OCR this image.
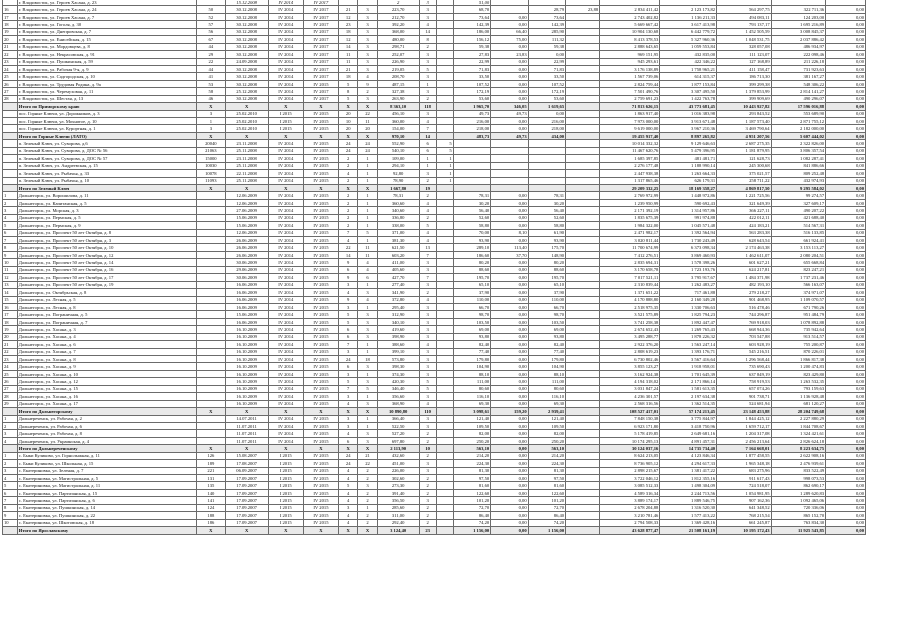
	г. Владивосток, ул. Героев Хасана, д. 23		15.12.2008	IV 2014	IV 2017			2	3		51,00								
16	г. Владивосток, ул. Героев Хасана, д. 24	50	30.12.2008	IV 2014	IV 2017	21	3	223,70	3		68,70		28,79	23,88	2 834 411,42	2 123 173,82	564 297,75	322 711,36	0,00
17	г. Владивосток, ул. Героев Хасана, д. 7	52	30.12.2008	IV 2014	IV 2017	12	3	212,70	3		73,64	0,00	73,64		2 743 402,82	1 136 211,33	494 083,11	124 203,00	0,00
18	г. Владивосток, ул. Гоголя, д. 30	57	30.12.2008	IV 2014	IV 2017	23	3	392,20	4		142,39	0,00	142,39		5 669 667,42	3 617 413,98	793 137,17	1 695 216,89	0,00
19	г. Владивосток, ул. Днепровская, д. 7	56	30.12.2008	IV 2014	IV 2017	18	3	368,00	14		186,00	66,40	285,90		10 904 130,68	6 442 779,72	1 452 505,59	3 008 845,37	0,00
20	г. Владивосток, ул. Енисейская, д. 15	67	30.12.2008	IV 2014	IV 2017	12	3	480,00	8		156,12	75,00	111,32		8 413 378,53	5 327 960,36	1 048 531,75	2 037 886,42	0,00
21	г. Владивосток, ул. Мордовцева, д. 8	44	30.12.2008	IV 2014	IV 2017	14	3	298,71	2		59,38	0,00	59,38		2 888 643,65	1 059 553,84	328 057,08	486 934,97	0,00
22	г. Владивосток, ул. Некрасовская, д. 91	29	30.12.2008	IV 2014	IV 2017	11	3	252,07	3		27,83	23,83	0,00		969 151,95	432 835,00	111 123,07	222 098,46	0,00
23	г. Владивосток, ул. Пушкинская, д. 59	22	24.09.2008	IV 2014	IV 2017	11	3	226,90	3		22,99	0,00	22,99		945 293,61	422 346,22	127 168,89	211 226,18	0,00
24	г. Владивосток, ул. Рабочая 9-я, д. 9	44	30.12.2008	IV 2014	IV 2017	21	3	219,05	5		71,83	0,00	71,83		3 176 138,89	1 758 965,21	411 158,47	731 923,63	0,00
25	г. Владивосток, ул. Садгородская, д. 10	41	30.12.2008	IV 2014	IV 2017	18	4	208,70	3		33,50	0,00	33,50		1 567 739,06	614 315,37	186 713,30	381 167,27	0,00
26	г. Владивосток, ул. Трудовая Родина, д. 9а	53	30.12.2008	IV 2014	IV 2015	5	9	487,15	1		107,52	0,00	107,52		2 824 759,44	1 877 153,84	399 299,38	548 306,22	0,00
27	г. Владивосток, ул. Черемуховая, д. 11	58	25.12.2008	IV 2014	IV 2017	8	2	327,38	3		172,19	0,00	172,19		7 501 490,76	3 307 495,50	1 379 853,99	2 814 141,27	0,00
28	г. Владивосток, ул. Шестая, д. 13	46	30.12.2008	IV 2014	IV 2017	5	3	263,90	2		53,60	0,00	53,60		2 759 691,23	1 422 763,78	399 909,69	490 296,07	0,00
	Итого по Приморскому краю	X	X	X	X	X	X	8 363,10	118		1 965,70	346,05	1 619,65		71 813 626,15	43 773 681,45	10 443 927,82	17 596 016,88	0,00
	пос. Горные Ключи, ул. Дорожников, д. 3	3	25.02.2010	I 2015	IV 2015	20	22	456,10	3		49,73	49,73	0,00		1 863 917,40	1 016 383,98	293 843,52	553 689,90	0,00
	пос. Горные Ключи, ул. Мохнатое, д. 10	1	25.02.2010	I 2015	IV 2015	10	11	360,00	4		216,00	0,00	216,00		7 973 000,00	3 913 671,48	1 187 573,40	2 871 755,12	0,00
	пос. Горные Ключи, ул. Курортная, д. 1	3	25.02.2010	I 2015	IV 2015	20	20	154,00	7		218,00	0,00	218,00		9 619 000,00	3 967 210,36	3 469 790,64	2 182 000,00	0,00
	Итого по Горные Ключи (ЛАТО)	X	X	X	X	X	X	970,10	14		483,73	49,73	434,00		19 455 917,40	8 897 265,82	4 951 207,56	5 607 444,02	0,00
	п. Зеленый Ключ, ул. Суворова, д.6	20040	23.11.2008	IV 2014	IV 2015	24	24	552,90	6	5					10 014 332,32	9 129 646,63	2 687 275,35	2 322 826,00	0,00
	п. Зеленый Ключ, ул. Суворова, д. ДОС № 56	21063	25.11.2008	IV 2014	IV 2015	24	24	540,10	6	5					11 467 620,76	5 479 396,95	1 181 879,95	3 806 357,54	0,00
	п. Зеленый Ключ, ул. Суворова, д. ДОС № 57	15000	23.11.2008	IV 2014	IV 2015	2	1	109,00	1	1					1 685 397,85	481 481,71	121 628,73	1 082 287,41	0,00
	п. Зеленый Ключ, ул. Андреевская, д. 15	10030	25.11.2008	IV 2014	IV 2015	2	1	294,10	1	1					2 276 177,48	1 188 990,14	245 300,68	841 886,66	0,00
	п. Зеленый Ключ, ул. Рыбачья, д. 33	10078	22.11.2008	IV 2014	IV 2015	4	1	92,80	3	1					2 447 938,38	1 263 664,33	375 021,57	809 252,48	0,00
	п. Зеленый Ключ, ул. Рыбачья, д. 10	11093	25.11.2008	IV 2014	IV 2015	2	1	78,90	2	1					1 317 865,46	626 179,31	258 711,22	432 974,93	0,00
	Итого по Зеленый Ключ	X	X	X	X	X	X	1 667,80	19						29 209 332,25	18 169 358,27	4 869 817,50	9 295 584,02	0,00
1	Дальнегорск, ул. Ворошилова, д. 11		12.06.2009	IV 2014	IV 2015	2	1	78,31	2		78,31	0,00	78,31		2 769 972,99	1 448 972,86	1 221 725,56	99 274,57	0,00
2	Дальнегорск, ул. Капитанская, д. 5		12.06.2009	IV 2014	IV 2015	2	1	360,60	4		30,20	0,00	30,20		1 239 950,99	590 692,43	321 649,39	327 609,17	0,00
3	Дальнегорск, ул. Морская, д. 3		27.06.2009	IV 2014	IV 2015	2	1	340,60	4		56,40	0,00	56,40		2 171 392,19	1 314 957,86	366 227,11	490 207,22	0,00
4	Дальнегорск, ул. Пермская, д. 5		15.06.2009	IV 2014	IV 2015	2	1	336,80	2		52,60	0,00	52,60		1 835 675,39	991 974,88	422 012,11	421 688,40	0,00
5	Дальнегорск, ул. Пермская, д. 9		15.06.2009	IV 2014	IV 2015	2	1	338,00	5		58,80	0,00	58,80		1 984 322,00	1 045 571,48	424 183,21	514 567,31	0,00
6	Дальнегорск, ул. Проспект 50 лет Октября, д. 8		12.06.2009	IV 2014	IV 2015	7	5	371,00	4		70,00	8,10	61,90		2 471 982,17	1 392 564,94	563 283,38	516 133,85	0,00
7	Дальнегорск, ул. Проспект 50 лет Октября, д. 3		26.06.2009	IV 2014	IV 2015	4	1	381,30	4		93,90	0,00	93,90		3 020 811,44	1 730 243,49	628 643,54	661 924,41	0,00
8	Дальнегорск, ул. Проспект 50 лет Октября, д. 10		26.06.2009	IV 2014	IV 2015	22	11	621,50	13		289,10	113,40	175,70		11 700 674,99	6 373 098,34	2 174 463,38	3 153 113,27	0,00
9	Дальнегорск, ул. Проспект 50 лет Октября, д. 12		26.06.2009	IV 2014	IV 2015	14	11	603,20	7		186,60	37,70	148,90		7 412 276,51	3 869 460,93	1 462 611,07	2 080 204,51	0,00
10	Дальнегорск, ул. Проспект 50 лет Октября, д. 14		30.06.2009	IV 2014	IV 2015	9	4	411,00	3		80,20	0,00	80,20		2 835 694,31	1 578 398,26	601 627,21	655 668,84	0,00
11	Дальнегорск, ул. Проспект 50 лет Октября, д. 16		29.06.2009	IV 2014	IV 2015	6	4	405,60	3		88,60	0,00	88,60		3 170 658,78	1 723 193,76	624 217,81	823 247,21	0,00
12	Дальнегорск, ул. Проспект 50 лет Октября, д. 17		30.06.2009	IV 2014	IV 2015	9	6	427,70	7		195,70	0,00	195,70		7 017 521,11	3 795 917,67	1 484 371,98	1 737 231,46	0,00
13	Дальнегорск, ул. Проспект 50 лет Октября, д. 19		16.06.2009	IV 2014	IV 2015	3	1	277,40	3		65,10	0,00	65,10		2 310 839,44	1 262 483,27	482 193,10	566 163,07	0,00
14	Дальнегорск, ул. Октябрьская, д. 8		16.06.2009	IV 2014	IV 2015	4	3	341,90	2		37,90	0,00	37,90		1 371 651,22	717 461,88	279 218,27	374 971,07	0,00
15	Дальнегорск, ул. Лесная, д. 5		16.06.2009	IV 2014	IV 2015	9	4	372,80	4		110,00	0,00	110,00		4 170 888,80	2 160 349,28	901 468,95	1 109 070,57	0,00
16	Дальнегорск, ул. Лесная, д. 8		16.06.2009	IV 2014	IV 2015	3	1	295,40	3		66,70	0,00	66,70		2 518 975,35	1 330 706,63	516 478,46	671 790,26	0,00
17	Дальнегорск, ул. Пограничная, д. 5		15.06.2009	IV 2014	IV 2015	5	3	312,90	3		98,70	0,00	98,70		3 521 575,89	1 825 794,23	744 296,87	951 484,79	0,00
18	Дальнегорск, ул. Пограничная, д. 7		16.06.2009	IV 2014	IV 2015	5	3	340,10	3		103,50	0,00	103,50		3 741 258,38	1 892 447,47	769 918,03	1 078 892,88	0,00
19	Дальнегорск, ул. Хасана, д. 3		16.10.2009	IV 2014	IV 2015	6	3	419,60	3		69,00	0,00	69,00		2 674 652,43	1 269 765,43	668 944,36	735 942,64	0,00
20	Дальнегорск, ул. Хасана, д. 4		16.10.2009	IV 2014	IV 2015	6	3	398,90	3		93,80	0,00	93,80		3 495 288,77	1 878 226,32	703 547,88	913 514,57	0,00
21	Дальнегорск, ул. Хасана, д. 6		16.10.2009	IV 2014	IV 2015	7	1	388,60	4		82,40	0,00	82,40		2 922 376,20	1 563 247,14	603 928,19	755 200,87	0,00
22	Дальнегорск, ул. Хасана, д. 7		16.10.2009	IV 2014	IV 2015	3	1	399,10	3		77,40	0,00	77,40		2 808 619,23	1 393 176,71	545 216,51	870 226,01	0,00
23	Дальнегорск, ул. Хасана, д. 8		16.10.2009	IV 2014	IV 2015	24	18	573,80	3		179,80	0,00	179,80		6 730 802,46	3 567 416,64	1 296 568,44	1 866 817,38	0,00
24	Дальнегорск, ул. Хасана, д. 9		16.10.2009	IV 2014	IV 2015	6	3	398,30	3		104,90	0,00	104,90		3 855 123,27	1 918 958,01	735 690,43	1 200 474,83	0,00
25	Дальнегорск, ул. Хасана, д. 10		16.10.2009	IV 2014	IV 2015	3	1	374,30	3		88,10	0,00	88,10		3 162 924,38	1 701 645,39	637 849,19	823 429,80	0,00
26	Дальнегорск, ул. Хасана, д. 12		16.10.2009	IV 2014	IV 2015	5	3	420,30	5		111,00	0,00	111,00		4 194 318,02	2 171 866,14	758 919,53	1 263 532,35	0,00
27	Дальнегорск, ул. Хасана, д. 15		16.10.2009	IV 2014	IV 2015	7	5	346,40	5		80,60	0,00	80,60		3 031 847,24	1 581 613,35	657 074,26	793 159,63	0,00
28	Дальнегорск, ул. Хасана, д. 16		16.10.2009	IV 2014	IV 2015	3	1	356,60	3		116,10	0,00	116,10		4 236 301,57	2 197 634,38	901 738,71	1 136 928,48	0,00
29	Дальнегорск, ул. Хасана, д. 17		16.10.2009	IV 2014	IV 2015	4	3	368,90	4		69,30	0,00	69,30		2 568 316,56	1 362 514,35	524 681,94	681 120,27	0,00
	Итого по Дальнегорскому	X	X	X	X	X	X	10 890,80	110		3 098,61	159,20	2 939,41		108 527 417,01	57 174 213,45	23 148 453,88	28 204 749,68	0,00
1	Дальнереченск, ул. Рабочая, д. 2		14.07.2011	IV 2014	IV 2015	3	1	366,40	3		121,40	0,00	121,40		7 848 150,38	3 775 844,97	1 844 425,12	2 227 880,29	0,00
2	Дальнереченск, ул. Рабочая, д. 6		11.07.2011	IV 2014	IV 2015	3	1	522,50	3		109,50	0,00	109,50		6 923 171,80	3 418 750,96	1 659 712,17	1 844 708,67	0,00
3	Дальнереченск, ул. Рабочая, д. 8		11.07.2011	IV 2014	IV 2015	4	3	527,20	2		82,00	0,00	82,00		5 178 419,85	2 649 681,16	1 204 317,08	1 324 421,61	0,00
4	Дальнереченск, ул. Украинская, д. 4		11.07.2011	IV 2014	IV 2015	6	3	697,80	2		250,20	0,00	250,20		10 174 295,13	4 891 457,31	2 456 213,64	2 826 624,18	0,00
	Итого по Дальнереченскому	X	X	X	X	X	X	2 113,90	10		563,10	0,00	563,10		30 124 037,16	14 735 734,40	7 164 668,01	8 223 634,75	0,00
1	с. Быки Куликово, ул. Горнолыжная, д. 11	126	15.08.2007	I 2015	IV 2015	24	21	432,60	2		214,20	0,00	214,20		8 624 213,05	4 123 846,34	1 877 458,55	2 622 908,16	0,00
2	с. Быки Куликово, ул. Школьная, д. 15	189	17.08.2007	I 2015	IV 2015	24	22	451,00	3		224,30	0,00	224,30		8 736 905,12	4 294 617,33	1 965 348,18	2 476 939,61	0,00
3	с. Екатериновка, ул. Зеленая, д. 7	221	06.09.2007	I 2015	IV 2015	4	2	226,00	3		81,30	0,00	81,30		2 898 215,67	1 381 417,22	683 275,96	833 522,49	0,00
4	с. Екатериновка, ул. Магистральная, д. 5	131	17.09.2007	I 2015	IV 2015	4	2	302,60	2		97,50	0,00	97,50		3 722 046,12	1 812 355,16	911 617,43	998 073,53	0,00
5	с. Екатериновка, ул. Магистральная, д. 11	135	17.09.2007	I 2015	IV 2015	5	3	273,30	2		81,60	0,00	81,60		3 085 512,33	1 498 304,09	724 518,07	862 690,17	0,00
6	с. Екатериновка, ул. Партизанская, д. 15	140	17.09.2007	I 2015	IV 2015	4	2	391,40	2		122,60	0,00	122,60		4 589 316,34	2 244 713,56	1 054 981,95	1 289 620,83	0,00
7	с. Екатериновка, ул. Партизанская, д. 6	141	17.09.2007	I 2015	IV 2015	4	2	356,50	3		101,20	0,00	101,20		3 889 174,17	1 889 546,75	907 162,36	1 092 465,06	0,00
8	с. Екатериновка, ул. Пушкинская, д. 14	124	17.09.2007	I 2015	IV 2015	3	1	285,60	2		72,70	0,00	72,70		2 678 204,88	1 316 520,30	641 348,52	720 336,06	0,00
9	с. Екатериновка, ул. Пушкинская, д. 22	188	17.09.2007	I 2015	IV 2015	4	2	311,00	2		86,40	0,00	86,40		3 210 781,46	1 577 413,22	768 215,54	865 152,70	0,00
10	с. Екатериновка, ул. Шкотовская, д. 18	186	17.09.2007	I 2015	IV 2015	4	2	292,40	2		74,20	0,00	74,20		2 794 508,33	1 369 428,16	661 245,87	763 834,30	0,00
	Итого по Ярославскому	X	X	X	X	X	X	3 124,40	23		1 156,00	0,00	1 156,00		43 628 877,47	21 508 161,19	10 195 172,43	11 925 543,85	0,00
